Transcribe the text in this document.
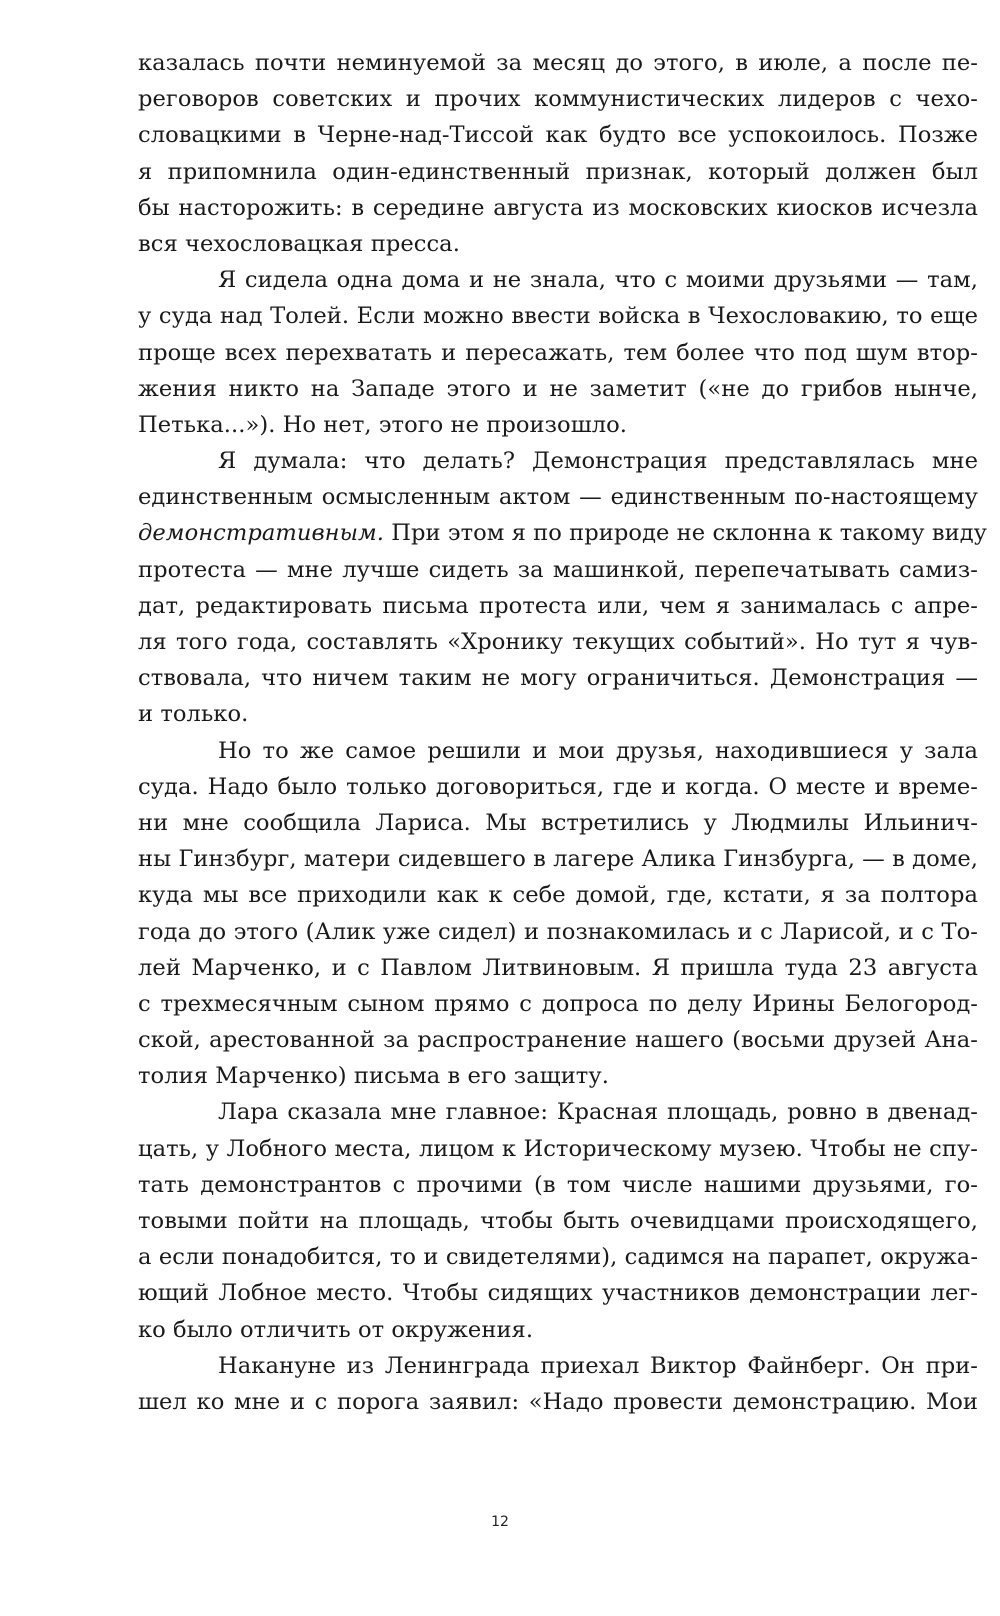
казалась почти неминуемой за месяц до этого, в июле, а после пе-
реговоров советских и прочих коммунистических лидеров с чехо-
словацкими в Черне-над-Тиссой как будто все успокоилось. Позже
я припомнила один-единственный признак, который должен был
бы насторожить: в середине августа из московских киосков исчезла
вся чехословацкая пресса.
Я сидела одна дома и не знала, что с моими друзьями — там,
у суда над Толей. Если можно ввести войска в Чехословакию, то еще
проще всех перехватать и пересажать, тем более что под шум втор-
жения никто на Западе этого и не заметит («не до грибов нынче,
Петька...»). Но нет, этого не произошло.
Я думала: что делать? Демонстрация представлялась мне
единственным осмысленным актом — единственным по-настоящему
демонстративным. При этом я по природе не склонна к такому виду
протеста — мне лучше сидеть за машинкой, перепечатывать самиз-
дат, редактировать письма протеста или, чем я занималась с апре-
ля того года, составлять «Хронику текущих событий». Но тут я чув-
ствовала, что ничем таким не могу ограничиться. Демонстрация —
и только.
Но то же самое решили и мои друзья, находившиеся у зала
суда. Надо было только договориться, где и когда. О месте и време-
ни мне сообщила Лариса. Мы встретились у Людмилы Ильинич-
ны Гинзбург, матери сидевшего в лагере Алика Гинзбурга, — в доме,
куда мы все приходили как к себе домой, где, кстати, я за полтора
года до этого (Алик уже сидел) и познакомилась и с Ларисой, и с То-
лей Марченко, и с Павлом Литвиновым. Я пришла туда 23 августа
с трехмесячным сыном прямо с допроса по делу Ирины Белогород-
ской, арестованной за распространение нашего (восьми друзей Ана-
толия Марченко) письма в его защиту.
Лара сказала мне главное: Красная площадь, ровно в двенад-
цать, у Лобного места, лицом к Историческому музею. Чтобы не спу-
тать демонстрантов с прочими (в том числе нашими друзьями, го-
товыми пойти на площадь, чтобы быть очевидцами происходящего,
а если понадобится, то и свидетелями), садимся на парапет, окружа-
ющий Лобное место. Чтобы сидящих участников демонстрации лег-
ко было отличить от окружения.
Накануне из Ленинграда приехал Виктор Файнберг. Он при-
шел ко мне и с порога заявил: «Надо провести демонстрацию. Мои
12
